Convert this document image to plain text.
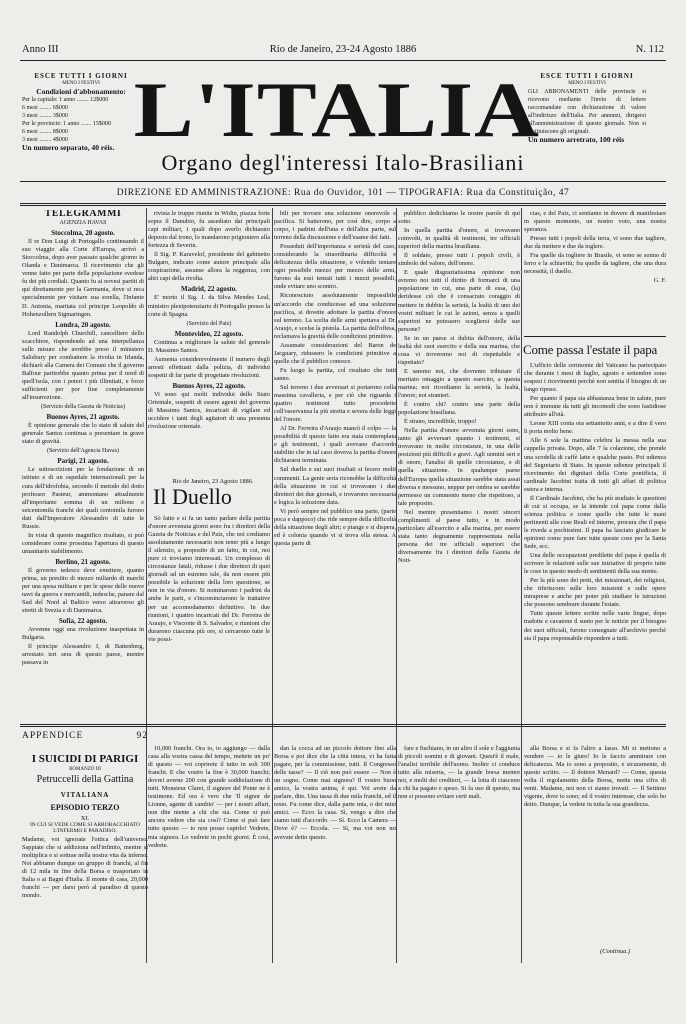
Anno III	Rio de Janeiro, 23-24 Agosto 1886	N. 112
ESCE TUTTI I GIORNI
MENO I FESTIVI
Condizioni d'abbonamento:
Per la capitale: 1 anno ........ 12$000
6 mesi ........ 6$000
3 mesi ........ 3$000
Per le provincie: 1 anno ....... 15$000
6 mesi ........ 8$000
3 mesi ........ 4$000
Un numero separato, 40 réis. L'ITALIA ESCE TUTTI I GIORNI
MENO I FESTIVI
GLI ABBONAMENTI delle provincie si ricevono mediante l'invio di lettere raccomandate con dichiarazione di valore all'indirizzo dell'Italia. Per annunzi, dirigersi all'amministrazione di questo giornale. Non si restituiscono gli originali.
Un numero arretrato, 100 réis
Organo degl'interessi Italo-Brasiliani
DIREZIONE ED AMMINISTRAZIONE: Rua do Ouvidor, 101 — TIPOGRAFIA: Rua da Constituição, 47

TELEGRAMMI

AGENZIA HAVAS

Stoccolma, 20 agosto.

Il re Don Luigi di Portogallo continuando il suo viaggio alla Corte d'Europa, arrivò a Stoccolma, dopo aver passato qualche giorno in Olanda e Danimarca. Il ricevimento che gli venne fatto per parte della popolazione svedese fu dei più cordiali. Quanto fu ai novesi partiti di qui direttamente per la Germania, dove si reca specialmente per visitare sua sorella, l'Infante D. Antonia, maritata col principe Leopoldo di Hohenzollern Sigmaringen.

Londra, 20 agosto.

Lord Randolph Churchill, cancelliere dello scacchiere, rispondendo ad una interpellanza sulle misure che avrebbe preso il ministero Salisbury per combattere la rivolta in Irlanda, dichiarò alla Camera dei Comuni che il governo Balfour partirebbe quanto prima per il nord di quell'isola, con i poteri i più illimitati, e forze sufficienti per por fine completamente all'insurrezione.

(Servizio della Gazeta de Noticias)

Buenos Ayres, 21 agosto.

È opinione generale che lo stato di salute del generale Santos continua a presentare in grave stato di gravità.

(Servizio dell'Agencia Havas)

Parigi, 21 agosto.

Le sottoscrizioni per la fondazione di un istituto e di un ospedale internazionali per la cura dell'idrofobia, secondo il metodo del dotto professor Pasteur, ammontano attualmente all'importante somma di un milione e seicentomila franchi dei quali centomila furono dati dall'Imperatore Alessandro di tutte le Russie.

In vista di questo magnifico risultato, si può considerare come prossima l'apertura di questo umanitario stabilimento.

Berlino, 21 agosto.

Il governo tedesco deve emettere, quanto prima, un prestito di mezzo miliardo di marchi per una spesa militare e per le spese delle nuove navi da guerra e mercantili, tedesche, panare dal Sud del Nord al Baltico verso attraverso gli stretti di Svezia e di Danimarca.

Sofia, 22 agosto.

Avvenne oggi una rivoluzione inaspettata in Bulgaria.

Il principe Alessandro I, di Battenberg, arrestato ieri sera di questo paese, mentre passava in

rivista le truppe riunite in Widin, piazza forte sopra il Danubio, fu assediato dai principali capi militari, i quali dopo averlo dichiarato deposto dal trono, lo mandarono prigioniero alla fortezza di Severin.

Il Sig. P. Karavelof, presidente del gabinetto Bulgaro, indicato come autore principale alla cospirazione, assunse allora la reggenza, con altri capi della rivolta.

Madrid, 22 agosto.

E' morto il Sig. J. da Silva Mendes Leal, ministro plenipotenziario di Portogallo presso la corte di Spagna.

(Servizio del Paiz)

Montevideo, 22 agosto.

Continua a migliorare la salute del generale D. Massimo Santos.

Aumenta considerevolmente il numero degli arresti effettuati dalla polizia, di individui sospetti di far parte di progettate rivoluzioni.

Buenos Ayres, 22 agosto.

Vi sono qui molti individui dello Stato Orientale, sospetti di essere agenti del governo di Massimo Santos, incaricati di vigilare ed uccidere i tanti degli agitatori di una presunta rivoluzione orientale.

Rio de Janeiro, 23 Agosto 1886.
Il Duello

Sò fatto e si fa un tanto parlare della partita d'onore avvenuta giorni sono fra i direttori della Gazeta de Noticias e del Paiz, che noi crediamo assolutamente necessario non tener più a lungo il silenzio, a proposito di un fatto, in cui, noi pure ci troviamo interessati. Un complesso di circostanze fatali, ridusse i due direttori di quei giornali ad un estremo tale, da non essere più possibile la soluzione della loro questione, se non in via d'onore. Si nominarono i padrini da ambe le parti, e s'incominciarono le trattative per un accomodamento definitivo. In due riunioni, i quattro incaricati del Dr. Ferreira de Araujo, e Visconte di S. Salvador, e riunioni che durarono ciascuna più ore, si cercarono tutte le vie possi-

bili per trovare una soluzione onorevole e pacifica. Si batterono, per così dire, corpo a corpo, i padrini dell'una e dell'altra parte, sul terreno della discussione e dell'esame dei fatti.

Posseduti dell'importanza e serietà del caso, considerando la straordinaria difficoltà e delicatezza della situazione, e volendo tentare ogni possibile mezzo per mezzo delle armi, furono da essi tentati tutti i mezzi possibili, onde evitare uno scontro.

Riconosciuto assolutamente impossibile un'accordo che conducesse ad una soluzione pacifica, si dovette adottare la partita d'onore sul terreno. La scelta delle armi spettava al Dr. Araujo, e scelse la pistola. La partita dell'offesa, reclamava la gravità delle condizioni primitive.

Assumate considerazioni del Baron de Jacguary, ridussero le condizioni primitive a quelle che il pubblico conosce.

Fu luogo la partita, col risultato che tutti sanno.

Sul terreno i due avversari si portarono colla massima cavalleria, e per ciò che riguarda i quattro testimoni tutto procedette coll'osservanza la più stretta e severa delle leggi del l'onore.

Al Dr. Ferreira d'Araujo mancò il colpo — la possibilità di questo fatto era stata contemplata e gli testimonii, i quali avevano d'accordo stabilito che in tal caso doveva la partita d'onore dichiararsi terminata.

Sul duello e sui suoi risultati si fecero molti commenti. La gente seria riconobbe la difficoltà della situazione in cui si trovavano i due direttori dei due giornali, e trovarono necessaria e logica la soluzione data.

Vi però sempre nel pubblico una parte, (parte poca e dappoco) che ride sempre della difficoltà della situazione degli altri; e piange e si dispera, ed è colonia quando vi si trova ella stessa. A questa parte di

pubblico dedichiamo le nostre parole di qui sotto.

In quella partita d'onore, si trovavano coinvolti, in qualità di testimoni, tre ufficiali superiori della marina brasiliana.

Il soldato, presso tutti i popoli civili, è simbolo del valore, dell'onore.

E quale disgraziatissima opinione non avremo noi tutti il diritto di formarci di una popolazione in cui, una parte di essa, (la) deridesse ciò che è consacrato coraggio di mettere in dubbio la serietà, la lealtà di uno dei vostri militari le cui le azioni, senza a quelli superiori ne potessero scegliersi delle sue persone?

Se in un paese si dubita dell'onore, della lealtà dei suoi esercito e della sua marina, che cosa vi troveremo noi di rispettabile e rispettato?

E saremo noi, che dovremo tributare il meritato omaggio a questo esercito, a questa marina; noi ricordiamo la serietà, la lealtà, l'onore; noi stranieri.

È contro chi? contro una parte della popolazione brasiliana.

È strano, incredibile, troppo!

Nella partita d'onore avvenuta giorni sono, tanto gli avversari quanto i testimoni, si trovavano in molte circostanze, in una delle posizioni più difficili e gravi. Agli uomini seri e di onore, l'analisi di quelle circostanze, e di quella situazione. In qualunque paese dell'Europa quella situazione sarebbe stata assai diversa e messuno, neppur per ombra se sarebbe permesso un commento meno che rispettoso, a tale proposito.

Nel mentre presentiamo i nostri sinceri complimenti al paese tutto, e in modo particolare all'esercito e alla marina, per essere stata tanto degnamente rappresentata nella persona dei tre ufficiali superiori che diversamente fra i direttori della Gazeta de Noti-

cias, e del Paiz, ci sentiamo in dovere di manifestare in questo momento, un nostro voto, una nostra speranza.

Presso tutti i popoli della terra, vi sono due tagliere, due da mettere e due da toglere.

Fra quelle da togliere in Brasile, vi sono se sonno di ferro e la schiavitù; fra quelle da tagliere, che una dura necessità, il duello.

G. F.

Come passa l'estate il papa

L'ufficio delle cerimonie del Vaticano ha partecipato che durante i mesi di luglio, agosto e settembre sono sospesi i ricevimenti perchè non sentita il bisogno di un lungo riposo.

Per quanto il papa sia abbastanza bene in salute, pure non è immune da tutti gli incomodi che sono fastidiose attribuire all'età.

Leone XIII conta ora settantotto anni, e a dire il vero li porta molto bene.

Alle 6 sole la mattina celebra la messa nella sua cappella privata. Dopo, alle 7 la colazione, che prende una scodella di caffè latte e qualche pasto. Poi udienza del Segretario di Stato. In queste udienze principali il ricevimento dei dignitari della Corte pontificia, il cardinale Jacobini tratta di tutti gli affari di politica estera e interna.

Il Cardinale Jacobini, che ha più studiato le questioni di cui si occupa, se la intende col papa come dalla scienza politica e come quello che tutte le mani pertinenti alle cose Reali ed interne, procura che il papa le riveda a pochissimi. Il papa ha lasciato giudicare le opinioni come pure fare tutte queste cose per la Santa Sede, ecc.

Una delle occupazioni predilette del papa è quella di scrivere le relazioni sulle sue iniziative di proprio tutte le cose in questo modo di sentimenti della sua mente.

Per la più sono dei preti, dei missionari, dei religiosi, che riferiscono sulle loro missioni e sulle opere intraprese e anche per poter più studiare le istruzioni che possono sembrare durante l'estate.

Tutte queste lettere scritte nelle varie lingue, dopo tradotte e cavatone il sunto per le notizie per il bisogno dei suoi ufficiali, furono consegnate all'archivio perchè sia il papa responsabile rispondere a tutti.

APPENDICE	92
I SUICIDI DI PARIGI
ROMANZO DI
Petruccelli della Gattina
VITALIANA
EPISODIO TERZO
XI.
IN CUI SI VEDE COME SI ARROBACCHIATO L'INFERMO E PARADISO.
Madame, voi ignorate l'ottica dell'universo. Sappiate che si addiziona nell'infinito, mentre si moltiplica e si sottrae nella nostra vita da inferno. Noi abbiamo dunque un gruppo di franchi, al fin di 12 mila in fine della Borsa e trasportato in Italia o ai Bagni d'Italia. Il monte di casa, 20,000 franchi — per darsi però al paradiso di questo mondo.

10,000 franchi. Ora io, io aggiungo — dalla casa alla vostra cassa del tempo, mettete un po' di questo — voi coprirete il tutto in soli 300 franchi. E che vostro la fine è 30,000 franchi; dovrei averne 200 con grande soddisfazione di tutti. Monsieur Claret, il signore del Ponte ne è testimone. Ed ora è vero che 'Il signor de Lionne, agente di cambio' — per i nostri affari, non dite niente a chi che sia. Come si può ancora vedere che sia così? Come si può fare tutto questo — io non posso capirlo! Vedrete, mia signora. Lo vedrete in pochi giorni. È così, vedrete.

dan la cocca ad un piccolo dottore fino alla Borsa e poi dice che la città intera, vi ha fatta pagare, per la commissione, tutti. Il Congresso delle tasse? — Il ciò non può essere — Non è un sogno. Come mai signora? Il vostro buon amico, la vostra anima, è qui. Voi avete da parlare, dite. Una tassa di due mila franchi, ed il resto. Fu come dice, dalla parte mia, o dei miei amici. — Ecco la casa. Sì, vengo a dire che siamo tutti d'accordo. — Sì. Ecco la Camera — Dove è? — Eccola. — Sì, ma voi non mi avevate detto questo.

fare e fischiano, in un altro il sole e l'aggiunta di piccoli uomini e di giovani. Quest'è il male, l'analisi terribile dell'uomo. Inoltre ci conduce tutto alla miseria, — la grande borsa mentre noi, e molti dei creditori, — la lotta di ciascuno a chi ha pagato e speso. Si fa uso di questo, ma non si possono evitare certi mali.

alla Borsa e si fa l'altro a lasso. Mi si mettono a vendere — io le giuro! Io le faccio ammirare con delicatezza. Ma io sono a proposito, e sicuramente, di questo scritto. — Il dottore Menard? — Come, questa volta il regolamento della Borsa, mette una cifra di venti. Madame, noi non ci siamo trovati. — Il Settimo vigente, dove io sono; ed il vostro interesse, che solo ho detto. Dunque, la vedete in tutta la sua grandezza.

(Continua.)
